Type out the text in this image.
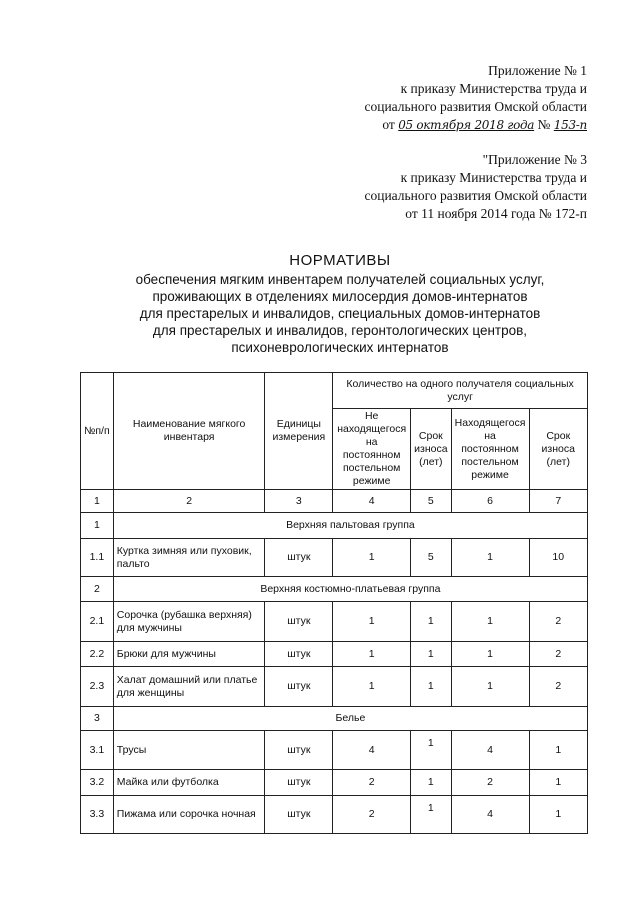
Приложение № 1
к приказу Министерства труда и
социального развития Омской области
от 05 октября 2018 года № 153-п
"Приложение № 3
к приказу Министерства труда и
социального развития Омской области
от 11 ноября 2014 года № 172-п
НОРМАТИВЫ
обеспечения мягким инвентарем получателей социальных услуг,
проживающих в отделениях милосердия домов-интернатов
для престарелых и инвалидов, специальных домов-интернатов
для престарелых и инвалидов, геронтологических центров,
психоневрологических интернатов
№п/п	Наименование мягкого инвентаря	Единицы измерения	Количество на одного получателя социальных услуг			
			Не находящегося на постоянном постельном режиме	Срок износа (лет)	Находящегося на постоянном постельном режиме	Срок износа (лет)
1	2	3	4	5	6	7
1	Верхняя пальтовая группа					
1.1	Куртка зимняя или пуховик, пальто	штук	1	5	1	10
2	Верхняя костюмно-платьевая группа					
2.1	Сорочка (рубашка верхняя) для мужчины	штук	1	1	1	2
2.2	Брюки для мужчины	штук	1	1	1	2
2.3	Халат домашний или платье для женщины	штук	1	1	1	2
3	Белье					
3.1	Трусы	штук	4	1	4	1
3.2	Майка или футболка	штук	2	1	2	1
3.3	Пижама или сорочка ночная	штук	2	1	4	1
